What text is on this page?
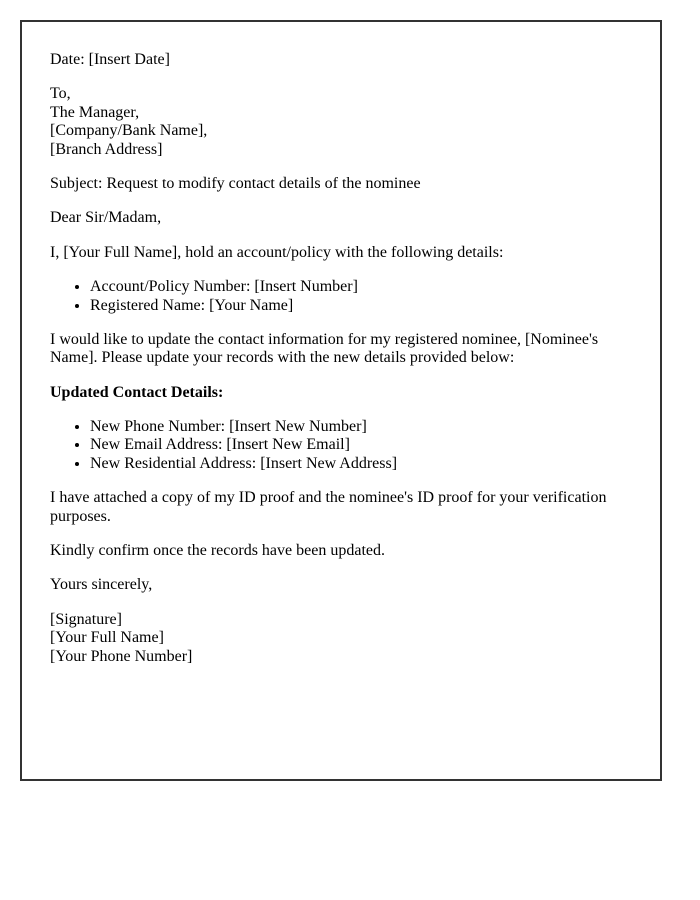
Date: [Insert Date]

To,
The Manager,
[Company/Bank Name],
[Branch Address]

Subject: Request to modify contact details of the nominee

Dear Sir/Madam,

I, [Your Full Name], hold an account/policy with the following details:

• Account/Policy Number: [Insert Number]
• Registered Name: [Your Name]

I would like to update the contact information for my registered nominee, [Nominee's Name]. Please update your records with the new details provided below:

Updated Contact Details:

• New Phone Number: [Insert New Number]
• New Email Address: [Insert New Email]
• New Residential Address: [Insert New Address]

I have attached a copy of my ID proof and the nominee's ID proof for your verification purposes.

Kindly confirm once the records have been updated.

Yours sincerely,

[Signature]
[Your Full Name]
[Your Phone Number]
